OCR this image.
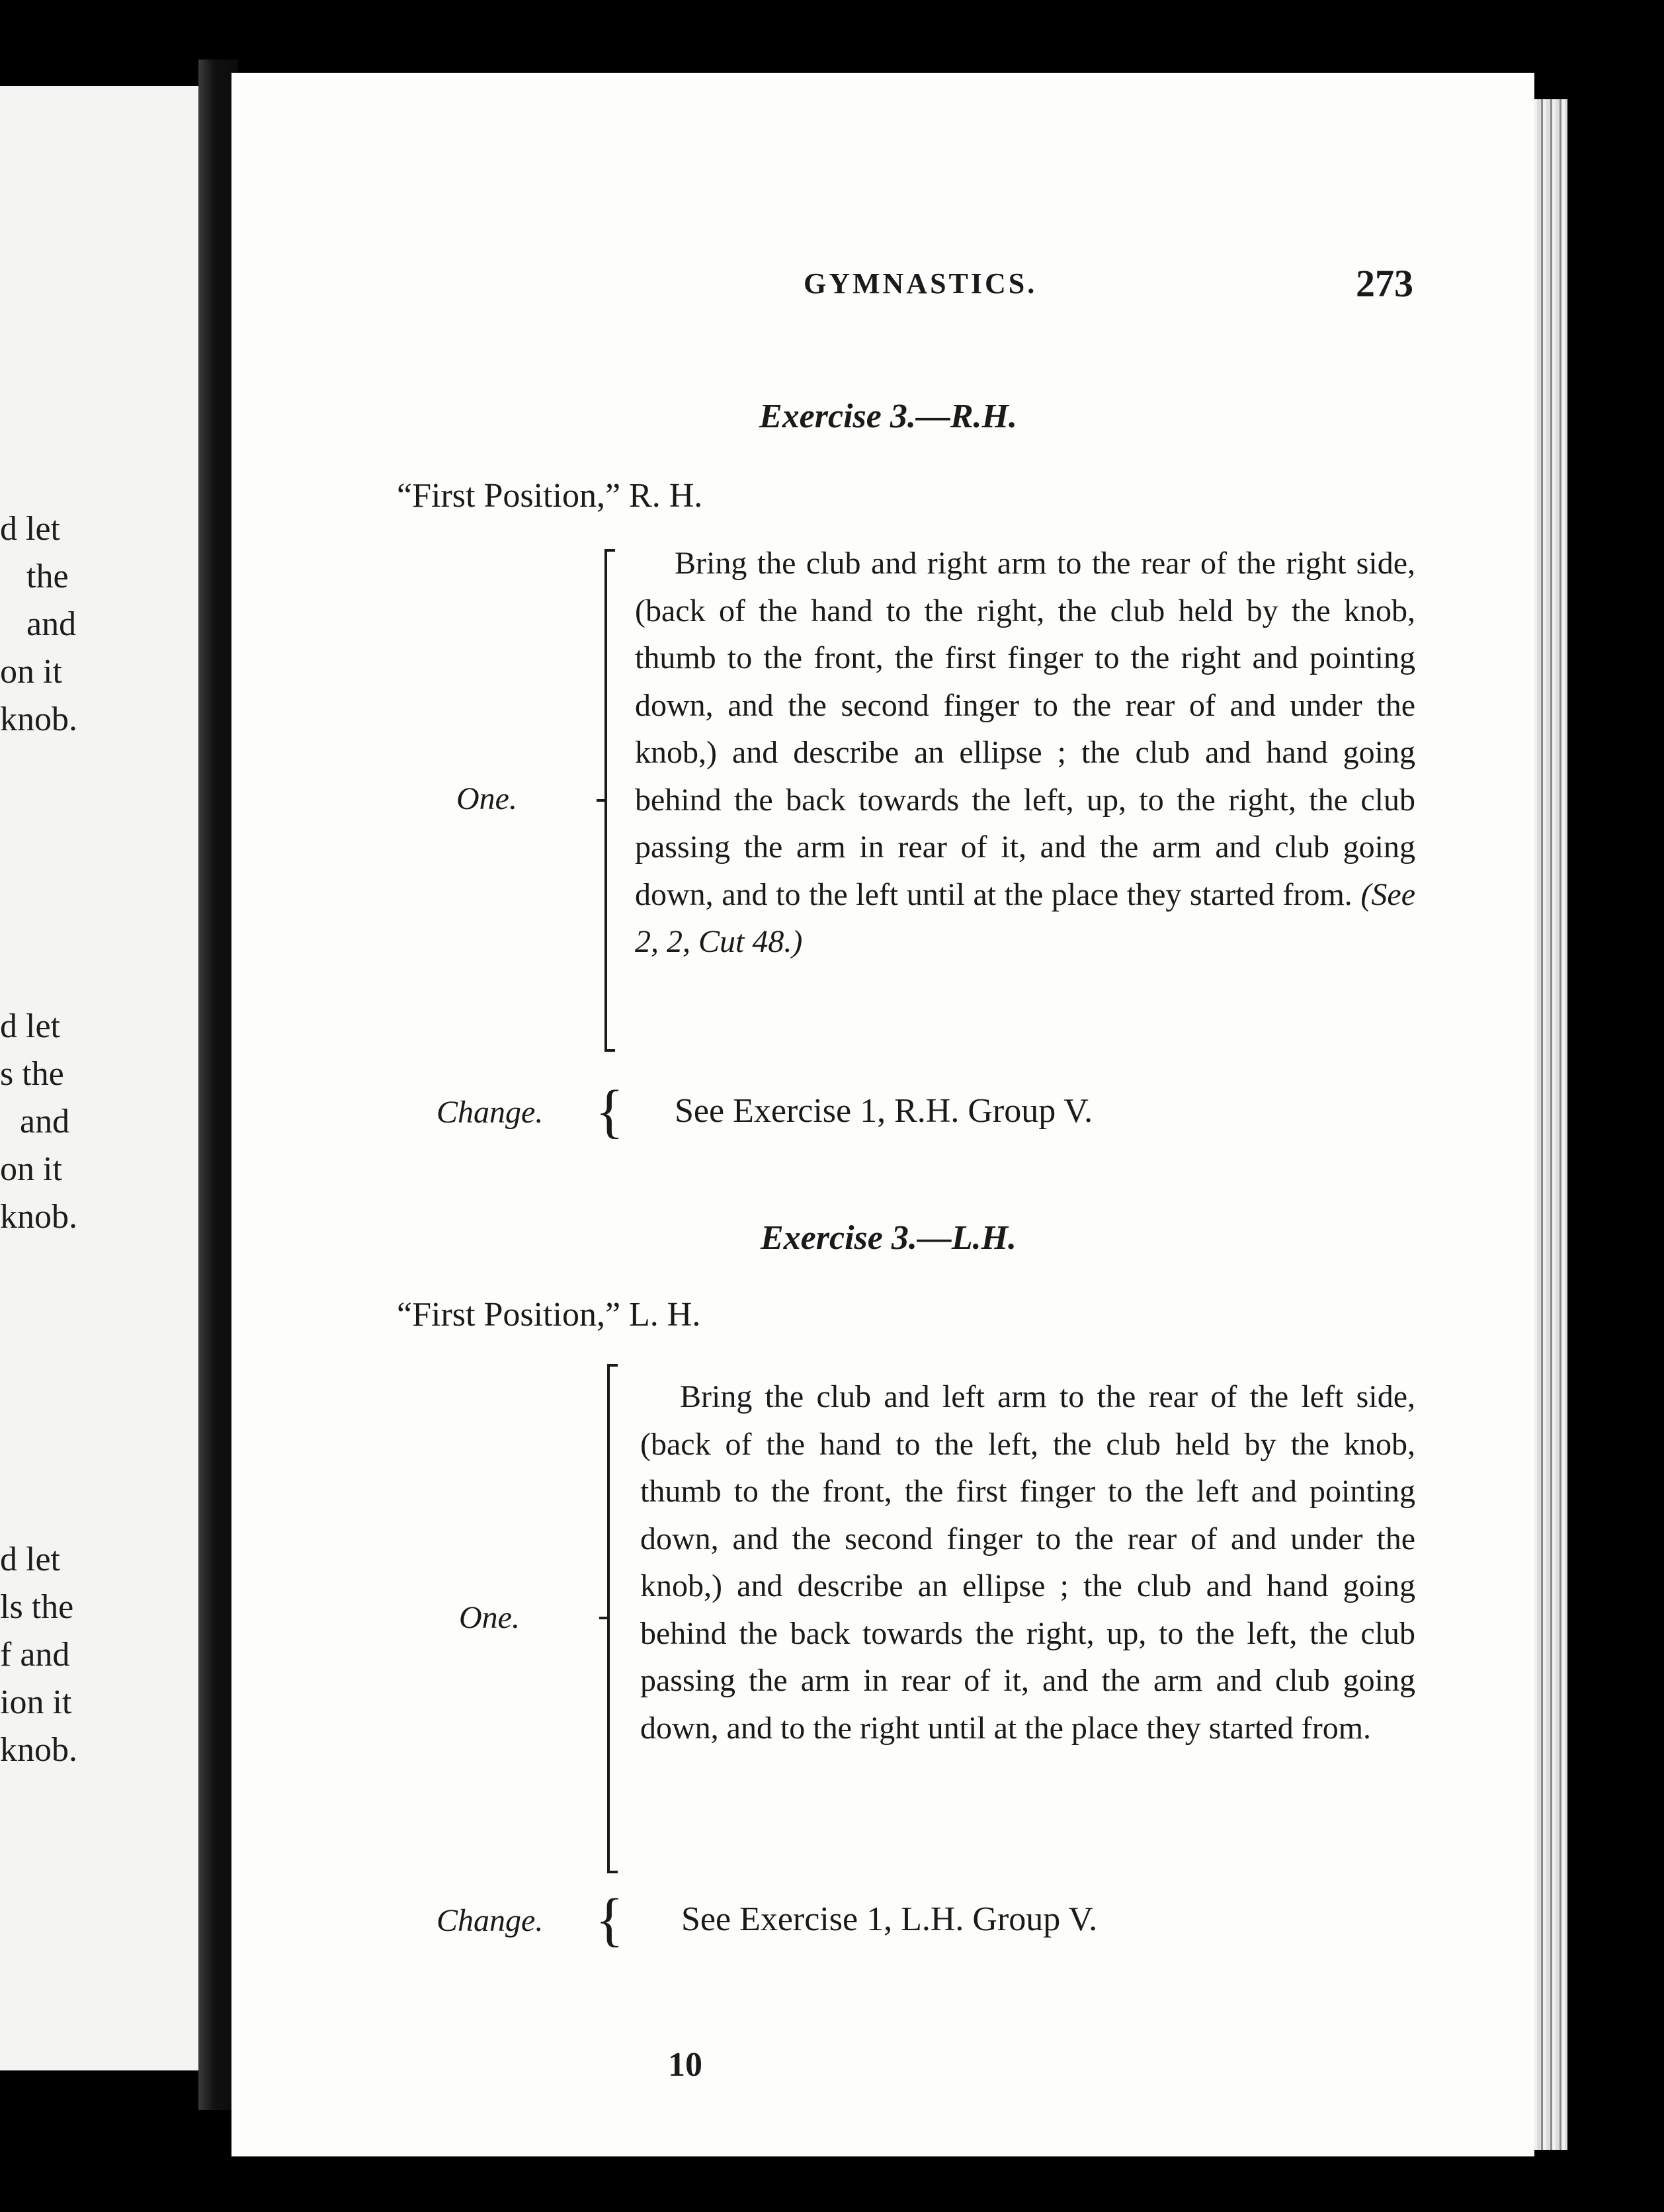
d let
the
and
on it
knob.
d let
s the
and
on it
knob.
d let
ls the
f and
ion it
knob.
GYMNASTICS.	273
Exercise 3.—R.H.
“First Position,” R. H.
One.
Bring the club and right arm to the rear of the right side, (back of the hand to the right, the club held by the knob, thumb to the front, the first finger to the right and pointing down, and the second finger to the rear of and under the knob,) and describe an ellipse ; the club and hand going behind the back towards the left, up, to the right, the club passing the arm in rear of it, and the arm and club going down, and to the left until at the place they started from. (See 2, 2, Cut 48.)
Change. { See Exercise 1, R.H. Group V.
Exercise 3.—L.H.
“First Position,” L. H.
One.
Bring the club and left arm to the rear of the left side, (back of the hand to the left, the club held by the knob, thumb to the front, the first finger to the left and pointing down, and the second finger to the rear of and under the knob,) and describe an ellipse ; the club and hand going behind the back towards the right, up, to the left, the club passing the arm in rear of it, and the arm and club going down, and to the right until at the place they started from.
Change. { See Exercise 1, L.H. Group V.
10
